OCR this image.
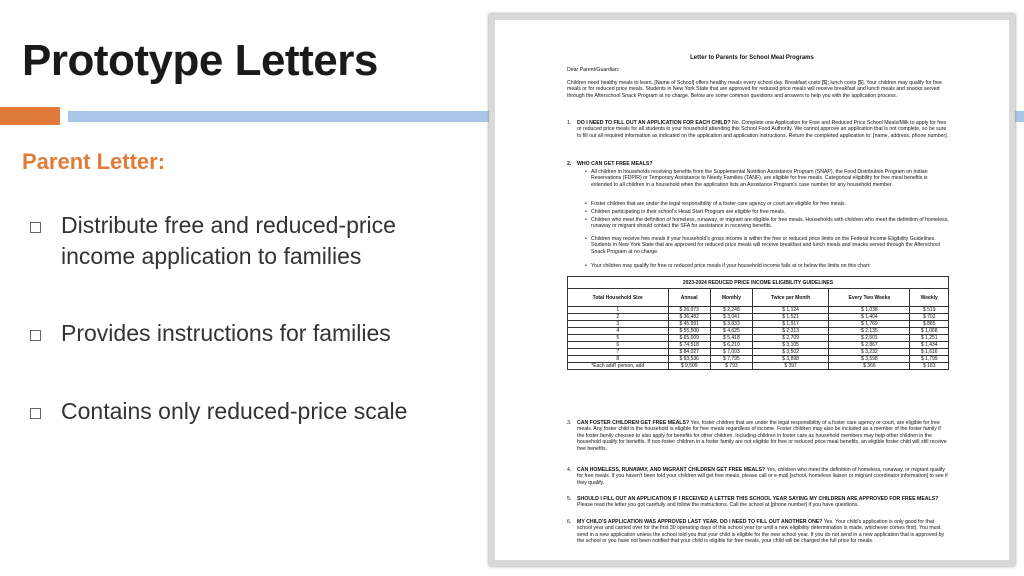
Prototype Letters
Parent Letter:
Distribute free and reduced-price income application to families
Provides instructions for families
Contains only reduced-price scale
Letter to Parents for School Meal Programs
Dear Parent/Guardian:
Children need healthy meals to learn. [Name of School] offers healthy meals every school day. Breakfast costs [$]; lunch costs [$]. Your children may qualify for free meals or for reduced price meals. Students in New York State that are approved for reduced price meals will receive breakfast and lunch meals and snacks served through the Afterschool Snack Program at no charge. Below are some common questions and answers to help you with the application process.
1. DO I NEED TO FILL OUT AN APPLICATION FOR EACH CHILD? No. Complete one Application for Free and Reduced Price School Meals/Milk to apply for free or reduced price meals for all students in your household attending this School Food Authority. We cannot approve an application that is not complete, so be sure to fill out all required information as indicated on the application and application instructions. Return the completed application to: [name, address, phone number].
2. WHO CAN GET FREE MEALS?
• All children in households receiving benefits from the Supplemental Nutrition Assistance Program (SNAP), the Food Distribution Program on Indian Reservations (FDPIR) or Temporary Assistance to Needy Families (TANF), are eligible for free meals. Categorical eligibility for free meal benefits is extended to all children in a household when the application lists an Assistance Program's case number for any household member.
• Foster children that are under the legal responsibility of a foster care agency or court are eligible for free meals.
• Children participating in their school's Head Start Program are eligible for free meals.
• Children who meet the definition of homeless, runaway, or migrant are eligible for free meals. Households with children who meet the definition of homeless, runaway or migrant should contact the SFA for assistance in receiving benefits.
• Children may receive free meals if your household's gross income is within the free or reduced price limits on the Federal Income Eligibility Guidelines. Students in New York State that are approved for reduced price meals will receive breakfast and lunch meals and snacks served through the Afterschool Snack Program at no charge.
• Your children may qualify for free or reduced price meals if your household income falls at or below the limits on this chart:
2023-2024 REDUCED PRICE INCOME ELIGIBILITY GUIDELINES					
Total Household Size	Annual	Monthly	Twice per Month	Every Two Weeks	Weekly
1	$ 26,973	$ 2,248	$ 1,124	$ 1,038	$ 519
2	$ 36,482	$ 3,041	$ 1,521	$ 1,404	$ 702
3	$ 45,991	$ 3,833	$ 1,917	$ 1,769	$ 885
4	$ 55,500	$ 4,625	$ 2,313	$ 2,135	$ 1,068
5	$ 65,009	$ 5,418	$ 2,709	$ 2,501	$ 1,251
6	$ 74,518	$ 6,210	$ 3,105	$ 2,867	$ 1,434
7	$ 84,027	$ 7,003	$ 3,502	$ 3,232	$ 1,616
8	$ 93,536	$ 7,795	$ 3,898	$ 3,598	$ 1,799
*Each add'l person, add	$ 9,509	$ 793	$ 397	$ 366	$ 183
3. CAN FOSTER CHILDREN GET FREE MEALS? Yes, foster children that are under the legal responsibility of a foster care agency or court, are eligible for free meals. Any foster child in the household is eligible for free meals regardless of income. Foster children may also be included as a member of the foster family if the foster family chooses to also apply for benefits for other children. Including children in foster care as household members may help other children in the household qualify for benefits. If non-foster children in a foster family are not eligible for free or reduced price meal benefits, an eligible foster child will still receive free benefits.
4. CAN HOMELESS, RUNAWAY, AND MIGRANT CHILDREN GET FREE MEALS? Yes, children who meet the definition of homeless, runaway, or migrant qualify for free meals. If you haven't been told your children will get free meals, please call or e-mail [school, homeless liaison or migrant coordinator information] to see if they qualify.
5. SHOULD I FILL OUT AN APPLICATION IF I RECEIVED A LETTER THIS SCHOOL YEAR SAYING MY CHILDREN ARE APPROVED FOR FREE MEALS? Please read the letter you got carefully and follow the instructions. Call the school at [phone number] if you have questions.
6. MY CHILD'S APPLICATION WAS APPROVED LAST YEAR. DO I NEED TO FILL OUT ANOTHER ONE? Yes. Your child's application is only good for that school year and carried over for the first 30 operating days of this school year (or until a new eligibility determination is made, whichever comes first). You must send in a new application unless the school told you that your child is eligible for the new school year. If you do not send in a new application that is approved by the school or you have not been notified that your child is eligible for free meals, your child will be charged the full price for meals.
